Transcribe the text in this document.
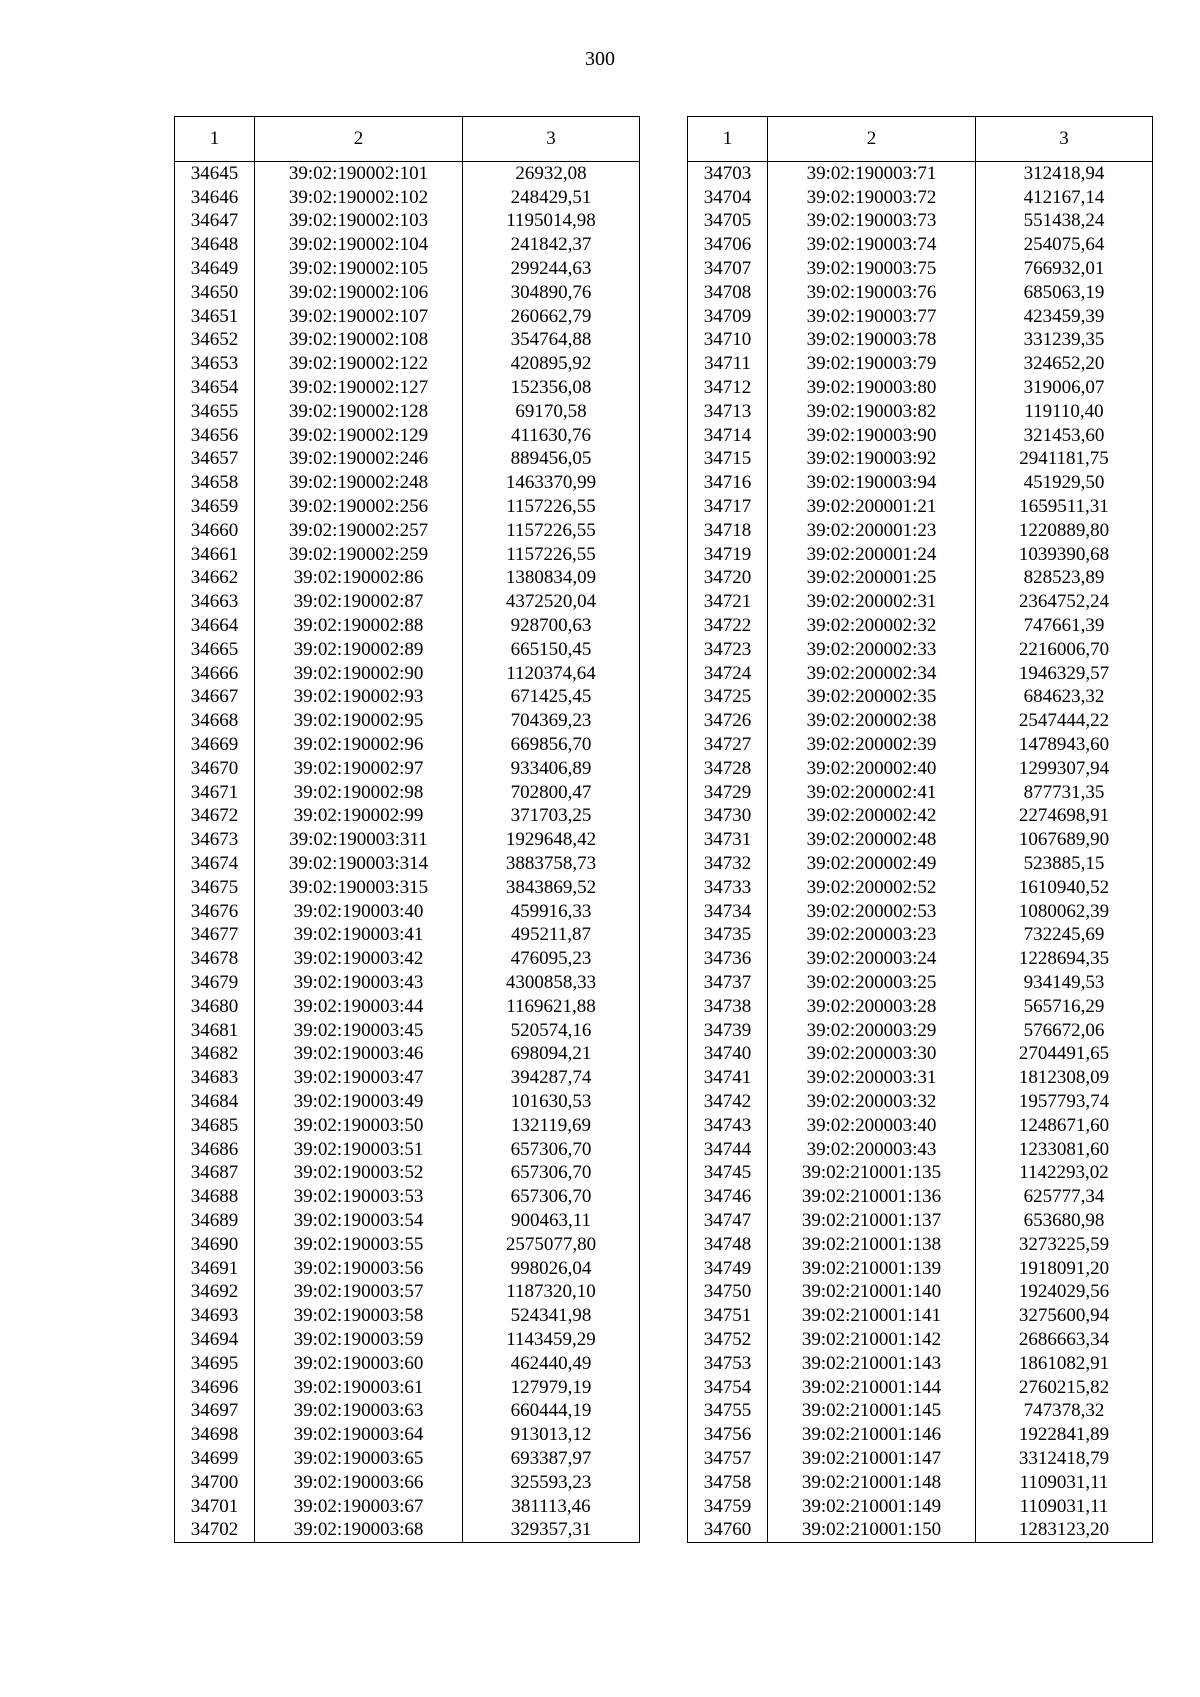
300
1	2	3
34645	39:02:190002:101	26932,08
34646	39:02:190002:102	248429,51
34647	39:02:190002:103	1195014,98
34648	39:02:190002:104	241842,37
34649	39:02:190002:105	299244,63
34650	39:02:190002:106	304890,76
34651	39:02:190002:107	260662,79
34652	39:02:190002:108	354764,88
34653	39:02:190002:122	420895,92
34654	39:02:190002:127	152356,08
34655	39:02:190002:128	69170,58
34656	39:02:190002:129	411630,76
34657	39:02:190002:246	889456,05
34658	39:02:190002:248	1463370,99
34659	39:02:190002:256	1157226,55
34660	39:02:190002:257	1157226,55
34661	39:02:190002:259	1157226,55
34662	39:02:190002:86	1380834,09
34663	39:02:190002:87	4372520,04
34664	39:02:190002:88	928700,63
34665	39:02:190002:89	665150,45
34666	39:02:190002:90	1120374,64
34667	39:02:190002:93	671425,45
34668	39:02:190002:95	704369,23
34669	39:02:190002:96	669856,70
34670	39:02:190002:97	933406,89
34671	39:02:190002:98	702800,47
34672	39:02:190002:99	371703,25
34673	39:02:190003:311	1929648,42
34674	39:02:190003:314	3883758,73
34675	39:02:190003:315	3843869,52
34676	39:02:190003:40	459916,33
34677	39:02:190003:41	495211,87
34678	39:02:190003:42	476095,23
34679	39:02:190003:43	4300858,33
34680	39:02:190003:44	1169621,88
34681	39:02:190003:45	520574,16
34682	39:02:190003:46	698094,21
34683	39:02:190003:47	394287,74
34684	39:02:190003:49	101630,53
34685	39:02:190003:50	132119,69
34686	39:02:190003:51	657306,70
34687	39:02:190003:52	657306,70
34688	39:02:190003:53	657306,70
34689	39:02:190003:54	900463,11
34690	39:02:190003:55	2575077,80
34691	39:02:190003:56	998026,04
34692	39:02:190003:57	1187320,10
34693	39:02:190003:58	524341,98
34694	39:02:190003:59	1143459,29
34695	39:02:190003:60	462440,49
34696	39:02:190003:61	127979,19
34697	39:02:190003:63	660444,19
34698	39:02:190003:64	913013,12
34699	39:02:190003:65	693387,97
34700	39:02:190003:66	325593,23
34701	39:02:190003:67	381113,46
34702	39:02:190003:68	329357,31
1	2	3
34703	39:02:190003:71	312418,94
34704	39:02:190003:72	412167,14
34705	39:02:190003:73	551438,24
34706	39:02:190003:74	254075,64
34707	39:02:190003:75	766932,01
34708	39:02:190003:76	685063,19
34709	39:02:190003:77	423459,39
34710	39:02:190003:78	331239,35
34711	39:02:190003:79	324652,20
34712	39:02:190003:80	319006,07
34713	39:02:190003:82	119110,40
34714	39:02:190003:90	321453,60
34715	39:02:190003:92	2941181,75
34716	39:02:190003:94	451929,50
34717	39:02:200001:21	1659511,31
34718	39:02:200001:23	1220889,80
34719	39:02:200001:24	1039390,68
34720	39:02:200001:25	828523,89
34721	39:02:200002:31	2364752,24
34722	39:02:200002:32	747661,39
34723	39:02:200002:33	2216006,70
34724	39:02:200002:34	1946329,57
34725	39:02:200002:35	684623,32
34726	39:02:200002:38	2547444,22
34727	39:02:200002:39	1478943,60
34728	39:02:200002:40	1299307,94
34729	39:02:200002:41	877731,35
34730	39:02:200002:42	2274698,91
34731	39:02:200002:48	1067689,90
34732	39:02:200002:49	523885,15
34733	39:02:200002:52	1610940,52
34734	39:02:200002:53	1080062,39
34735	39:02:200003:23	732245,69
34736	39:02:200003:24	1228694,35
34737	39:02:200003:25	934149,53
34738	39:02:200003:28	565716,29
34739	39:02:200003:29	576672,06
34740	39:02:200003:30	2704491,65
34741	39:02:200003:31	1812308,09
34742	39:02:200003:32	1957793,74
34743	39:02:200003:40	1248671,60
34744	39:02:200003:43	1233081,60
34745	39:02:210001:135	1142293,02
34746	39:02:210001:136	625777,34
34747	39:02:210001:137	653680,98
34748	39:02:210001:138	3273225,59
34749	39:02:210001:139	1918091,20
34750	39:02:210001:140	1924029,56
34751	39:02:210001:141	3275600,94
34752	39:02:210001:142	2686663,34
34753	39:02:210001:143	1861082,91
34754	39:02:210001:144	2760215,82
34755	39:02:210001:145	747378,32
34756	39:02:210001:146	1922841,89
34757	39:02:210001:147	3312418,79
34758	39:02:210001:148	1109031,11
34759	39:02:210001:149	1109031,11
34760	39:02:210001:150	1283123,20
